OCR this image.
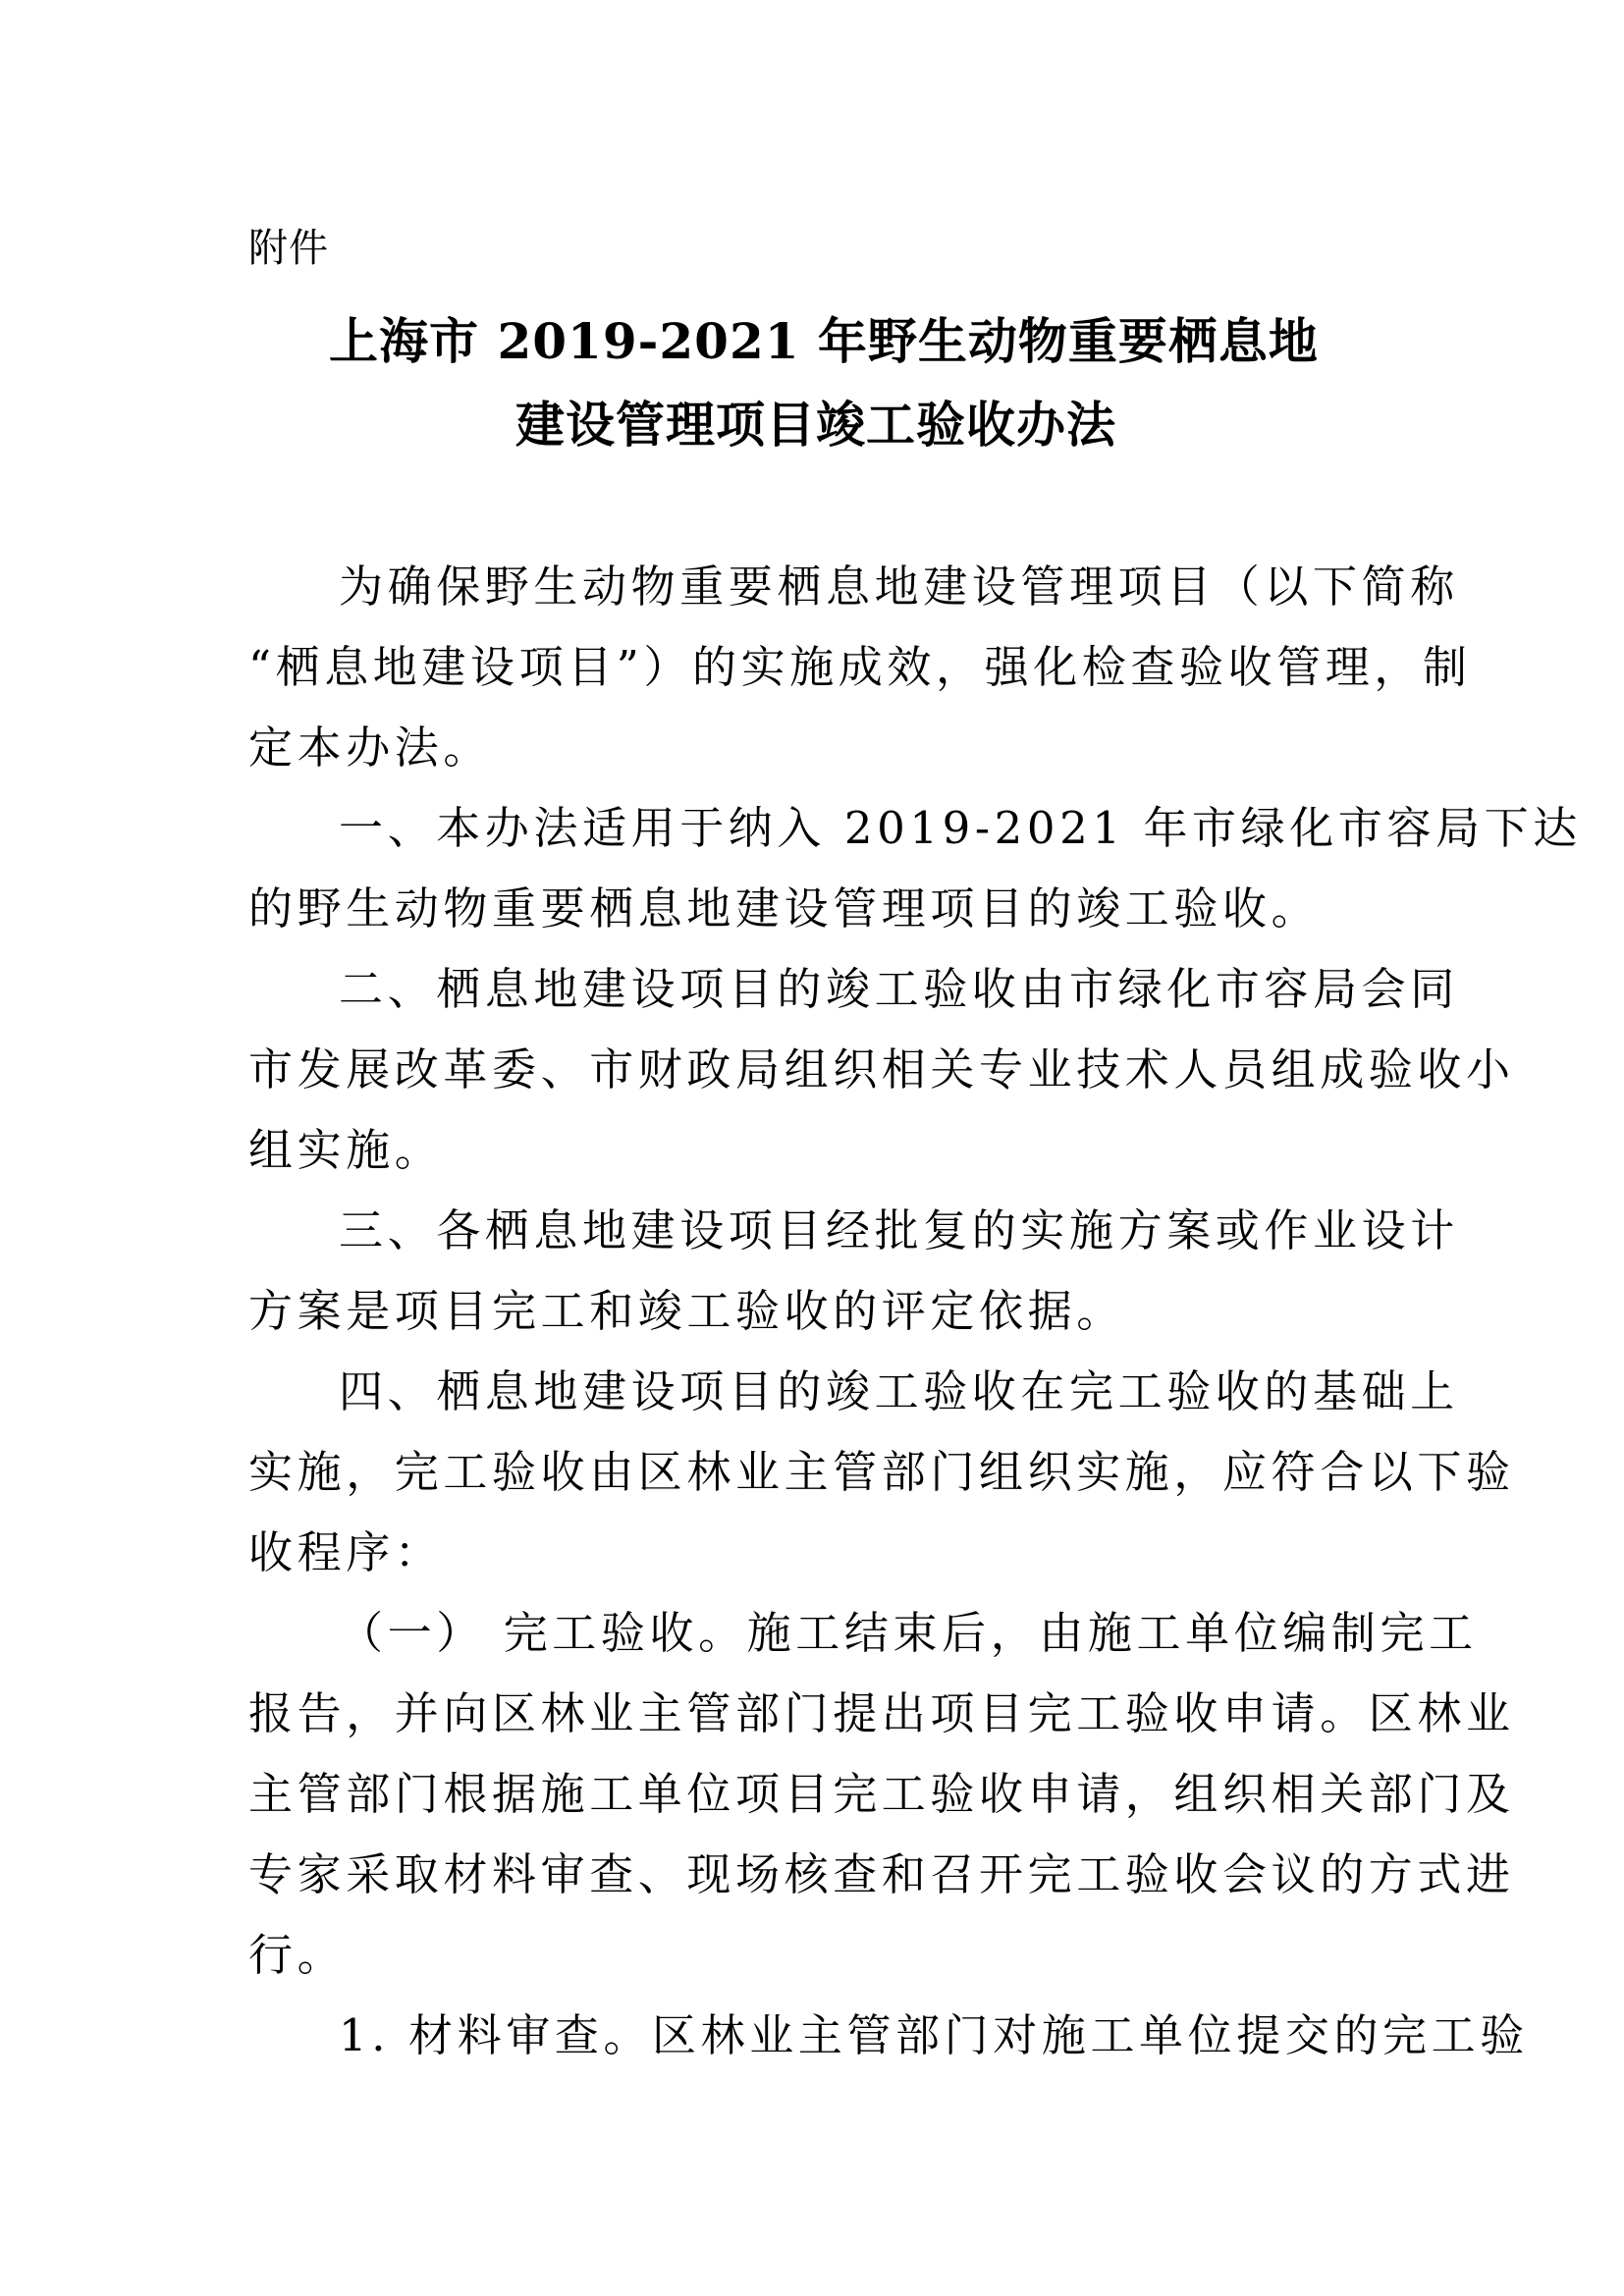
附件
上海市 2019-2021 年野生动物重要栖息地
建设管理项目竣工验收办法
为确保野生动物重要栖息地建设管理项目（以下简称
“栖息地建设项目”）的实施成效，强化检查验收管理，制
定本办法。
一、本办法适用于纳入 2019-2021 年市绿化市容局下达
的野生动物重要栖息地建设管理项目的竣工验收。
二、栖息地建设项目的竣工验收由市绿化市容局会同
市发展改革委、市财政局组织相关专业技术人员组成验收小
组实施。
三、各栖息地建设项目经批复的实施方案或作业设计
方案是项目完工和竣工验收的评定依据。
四、栖息地建设项目的竣工验收在完工验收的基础上
实施，完工验收由区林业主管部门组织实施，应符合以下验
收程序：
（一） 完工验收。施工结束后，由施工单位编制完工
报告，并向区林业主管部门提出项目完工验收申请。区林业
主管部门根据施工单位项目完工验收申请，组织相关部门及
专家采取材料审查、现场核查和召开完工验收会议的方式进
行。
1. 材料审查。区林业主管部门对施工单位提交的完工验
